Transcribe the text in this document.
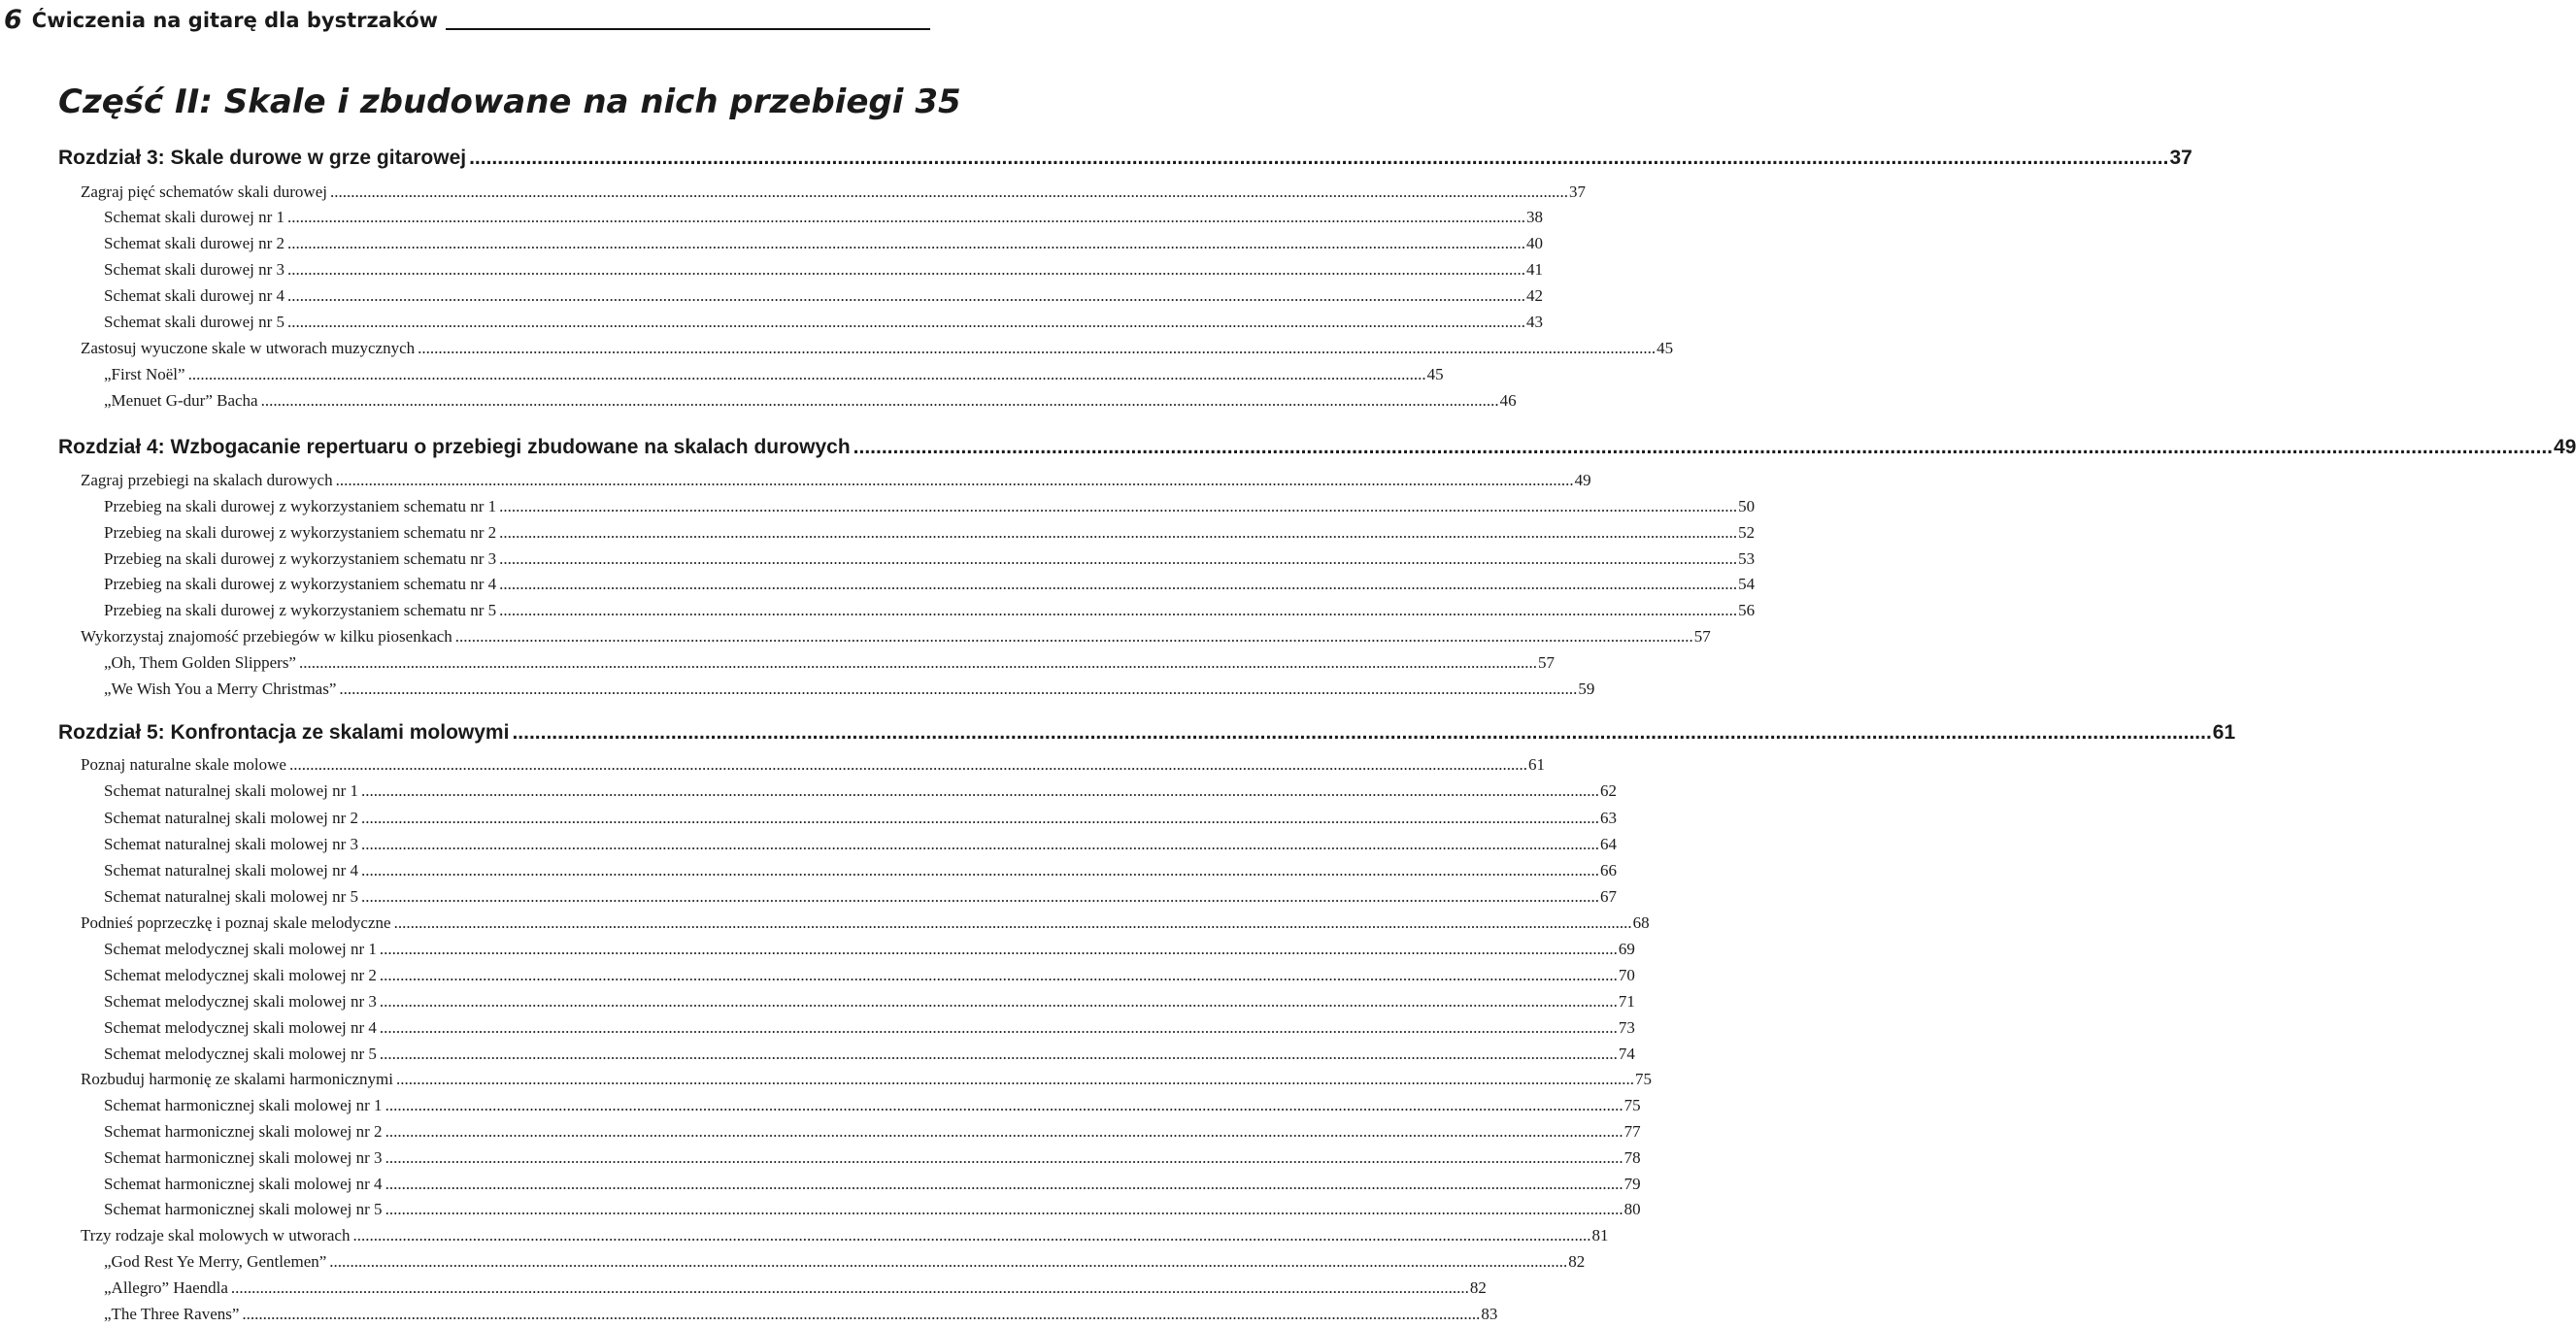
6 Ćwiczenia na gitarę dla bystrzaków
Część II: Skale i zbudowane na nich przebiegi 35
Rozdział 3: Skale durowe w grze gitarowej ............................................................................................................................................................................................................................................................................................................ 37
Zagraj pięć schematów skali durowej ............................................................................................................................................................................................................................................................................................................ 37
Schemat skali durowej nr 1 ............................................................................................................................................................................................................................................................................................................ 38
Schemat skali durowej nr 2 ............................................................................................................................................................................................................................................................................................................ 40
Schemat skali durowej nr 3 ............................................................................................................................................................................................................................................................................................................ 41
Schemat skali durowej nr 4 ............................................................................................................................................................................................................................................................................................................ 42
Schemat skali durowej nr 5 ............................................................................................................................................................................................................................................................................................................ 43
Zastosuj wyuczone skale w utworach muzycznych ............................................................................................................................................................................................................................................................................................................ 45
„First Noël” ............................................................................................................................................................................................................................................................................................................ 45
„Menuet G-dur” Bacha ............................................................................................................................................................................................................................................................................................................ 46
Rozdział 4: Wzbogacanie repertuaru o przebiegi zbudowane na skalach durowych ............................................................................................................................................................................................................................................................................................................ 49
Zagraj przebiegi na skalach durowych ............................................................................................................................................................................................................................................................................................................ 49
Przebieg na skali durowej z wykorzystaniem schematu nr 1 ............................................................................................................................................................................................................................................................................................................ 50
Przebieg na skali durowej z wykorzystaniem schematu nr 2 ............................................................................................................................................................................................................................................................................................................ 52
Przebieg na skali durowej z wykorzystaniem schematu nr 3 ............................................................................................................................................................................................................................................................................................................ 53
Przebieg na skali durowej z wykorzystaniem schematu nr 4 ............................................................................................................................................................................................................................................................................................................ 54
Przebieg na skali durowej z wykorzystaniem schematu nr 5 ............................................................................................................................................................................................................................................................................................................ 56
Wykorzystaj znajomość przebiegów w kilku piosenkach ............................................................................................................................................................................................................................................................................................................ 57
„Oh, Them Golden Slippers” ............................................................................................................................................................................................................................................................................................................ 57
„We Wish You a Merry Christmas” ............................................................................................................................................................................................................................................................................................................ 59
Rozdział 5: Konfrontacja ze skalami molowymi ............................................................................................................................................................................................................................................................................................................ 61
Poznaj naturalne skale molowe ............................................................................................................................................................................................................................................................................................................ 61
Schemat naturalnej skali molowej nr 1 ............................................................................................................................................................................................................................................................................................................ 62
Schemat naturalnej skali molowej nr 2 ............................................................................................................................................................................................................................................................................................................ 63
Schemat naturalnej skali molowej nr 3 ............................................................................................................................................................................................................................................................................................................ 64
Schemat naturalnej skali molowej nr 4 ............................................................................................................................................................................................................................................................................................................ 66
Schemat naturalnej skali molowej nr 5 ............................................................................................................................................................................................................................................................................................................ 67
Podnieś poprzeczkę i poznaj skale melodyczne ............................................................................................................................................................................................................................................................................................................ 68
Schemat melodycznej skali molowej nr 1 ............................................................................................................................................................................................................................................................................................................ 69
Schemat melodycznej skali molowej nr 2 ............................................................................................................................................................................................................................................................................................................ 70
Schemat melodycznej skali molowej nr 3 ............................................................................................................................................................................................................................................................................................................ 71
Schemat melodycznej skali molowej nr 4 ............................................................................................................................................................................................................................................................................................................ 73
Schemat melodycznej skali molowej nr 5 ............................................................................................................................................................................................................................................................................................................ 74
Rozbuduj harmonię ze skalami harmonicznymi ............................................................................................................................................................................................................................................................................................................ 75
Schemat harmonicznej skali molowej nr 1 ............................................................................................................................................................................................................................................................................................................ 75
Schemat harmonicznej skali molowej nr 2 ............................................................................................................................................................................................................................................................................................................ 77
Schemat harmonicznej skali molowej nr 3 ............................................................................................................................................................................................................................................................................................................ 78
Schemat harmonicznej skali molowej nr 4 ............................................................................................................................................................................................................................................................................................................ 79
Schemat harmonicznej skali molowej nr 5 ............................................................................................................................................................................................................................................................................................................ 80
Trzy rodzaje skal molowych w utworach ............................................................................................................................................................................................................................................................................................................ 81
„God Rest Ye Merry, Gentlemen” ............................................................................................................................................................................................................................................................................................................ 82
„Allegro” Haendla ............................................................................................................................................................................................................................................................................................................ 82
„The Three Ravens” ............................................................................................................................................................................................................................................................................................................ 83
